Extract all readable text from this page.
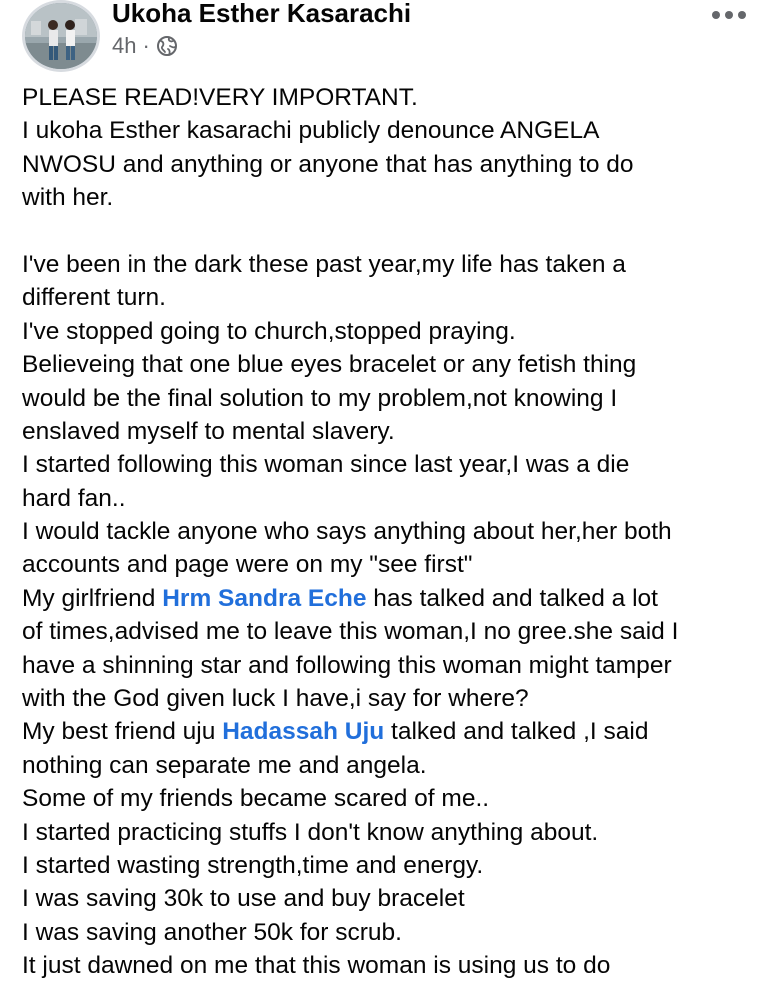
Ukoha Esther Kasarachi
4h ·
PLEASE READ!VERY IMPORTANT.
I ukoha Esther kasarachi publicly denounce ANGELA
NWOSU and anything or anyone that has anything to do
with her.
I've been in the dark these past year,my life has taken a
different turn.
I've stopped going to church,stopped praying.
Believeing that one blue eyes bracelet or any fetish thing
would be the final solution to my problem,not knowing I
enslaved myself to mental slavery.
I started following this woman since last year,I was a die
hard fan..
I would tackle anyone who says anything about her,her both
accounts and page were on my "see first"
My girlfriend Hrm Sandra Eche has talked and talked a lot
of times,advised me to leave this woman,I no gree.she said I
have a shinning star and following this woman might tamper
with the God given luck I have,i say for where?
My best friend uju Hadassah Uju talked and talked ,I said
nothing can separate me and angela.
Some of my friends became scared of me..
I started practicing stuffs I don't know anything about.
I started wasting strength,time and energy.
I was saving 30k to use and buy bracelet
I was saving another 50k for scrub.
It just dawned on me that this woman is using us to do
